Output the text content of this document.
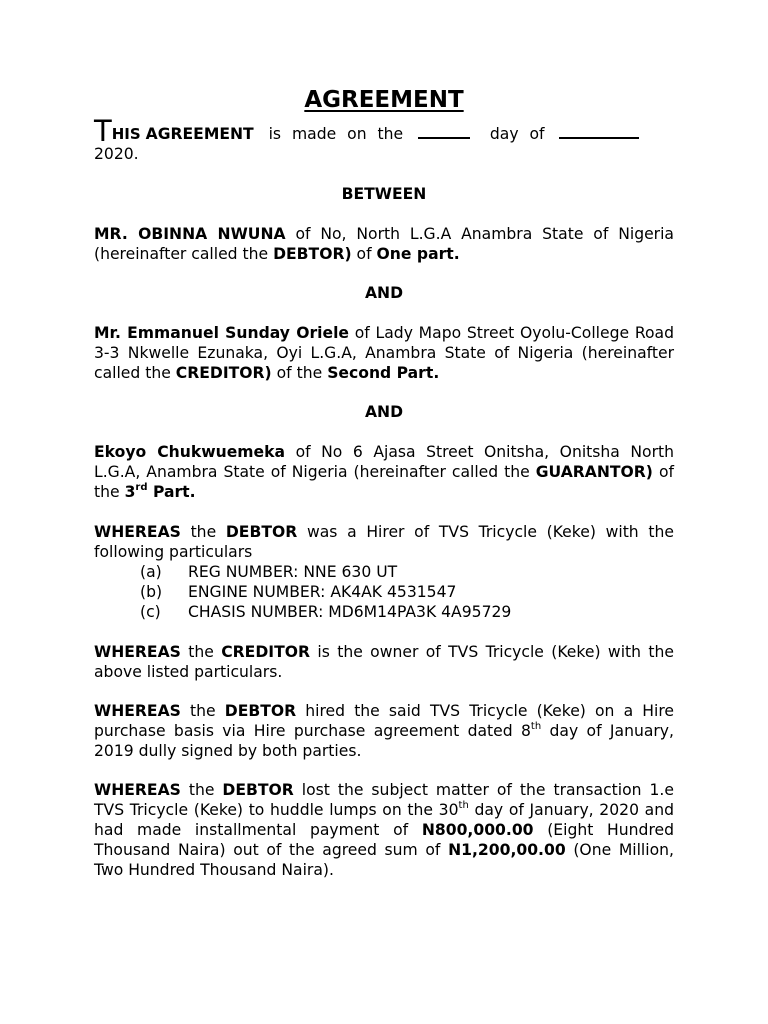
AGREEMENT

THIS AGREEMENT is made on the	day of
2020.

BETWEEN

MR. OBINNA NWUNA of No, North L.G.A Anambra State of Nigeria (hereinafter called the DEBTOR) of One part.

AND

Mr. Emmanuel Sunday Oriele of Lady Mapo Street Oyolu-College Road 3-3 Nkwelle Ezunaka, Oyi L.G.A, Anambra State of Nigeria (hereinafter called the CREDITOR) of the Second Part.

AND

Ekoyo Chukwuemeka of No 6 Ajasa Street Onitsha, Onitsha North L.G.A, Anambra State of Nigeria (hereinafter called the GUARANTOR) of the 3rd Part.

WHEREAS the DEBTOR was a Hirer of TVS Tricycle (Keke) with the following particulars

(a)	REG NUMBER: NNE 630 UT
(b)	ENGINE NUMBER: AK4AK 4531547
(c)	CHASIS NUMBER: MD6M14PA3K 4A95729

WHEREAS the CREDITOR is the owner of TVS Tricycle (Keke) with the above listed particulars.

WHEREAS the DEBTOR hired the said TVS Tricycle (Keke) on a Hire purchase basis via Hire purchase agreement dated 8th day of January, 2019 dully signed by both parties.

WHEREAS the DEBTOR lost the subject matter of the transaction 1.e TVS Tricycle (Keke) to huddle lumps on the 30th day of January, 2020 and had made installmental payment of N800,000.00 (Eight Hundred Thousand Naira) out of the agreed sum of N1,200,00.00 (One Million, Two Hundred Thousand Naira).
